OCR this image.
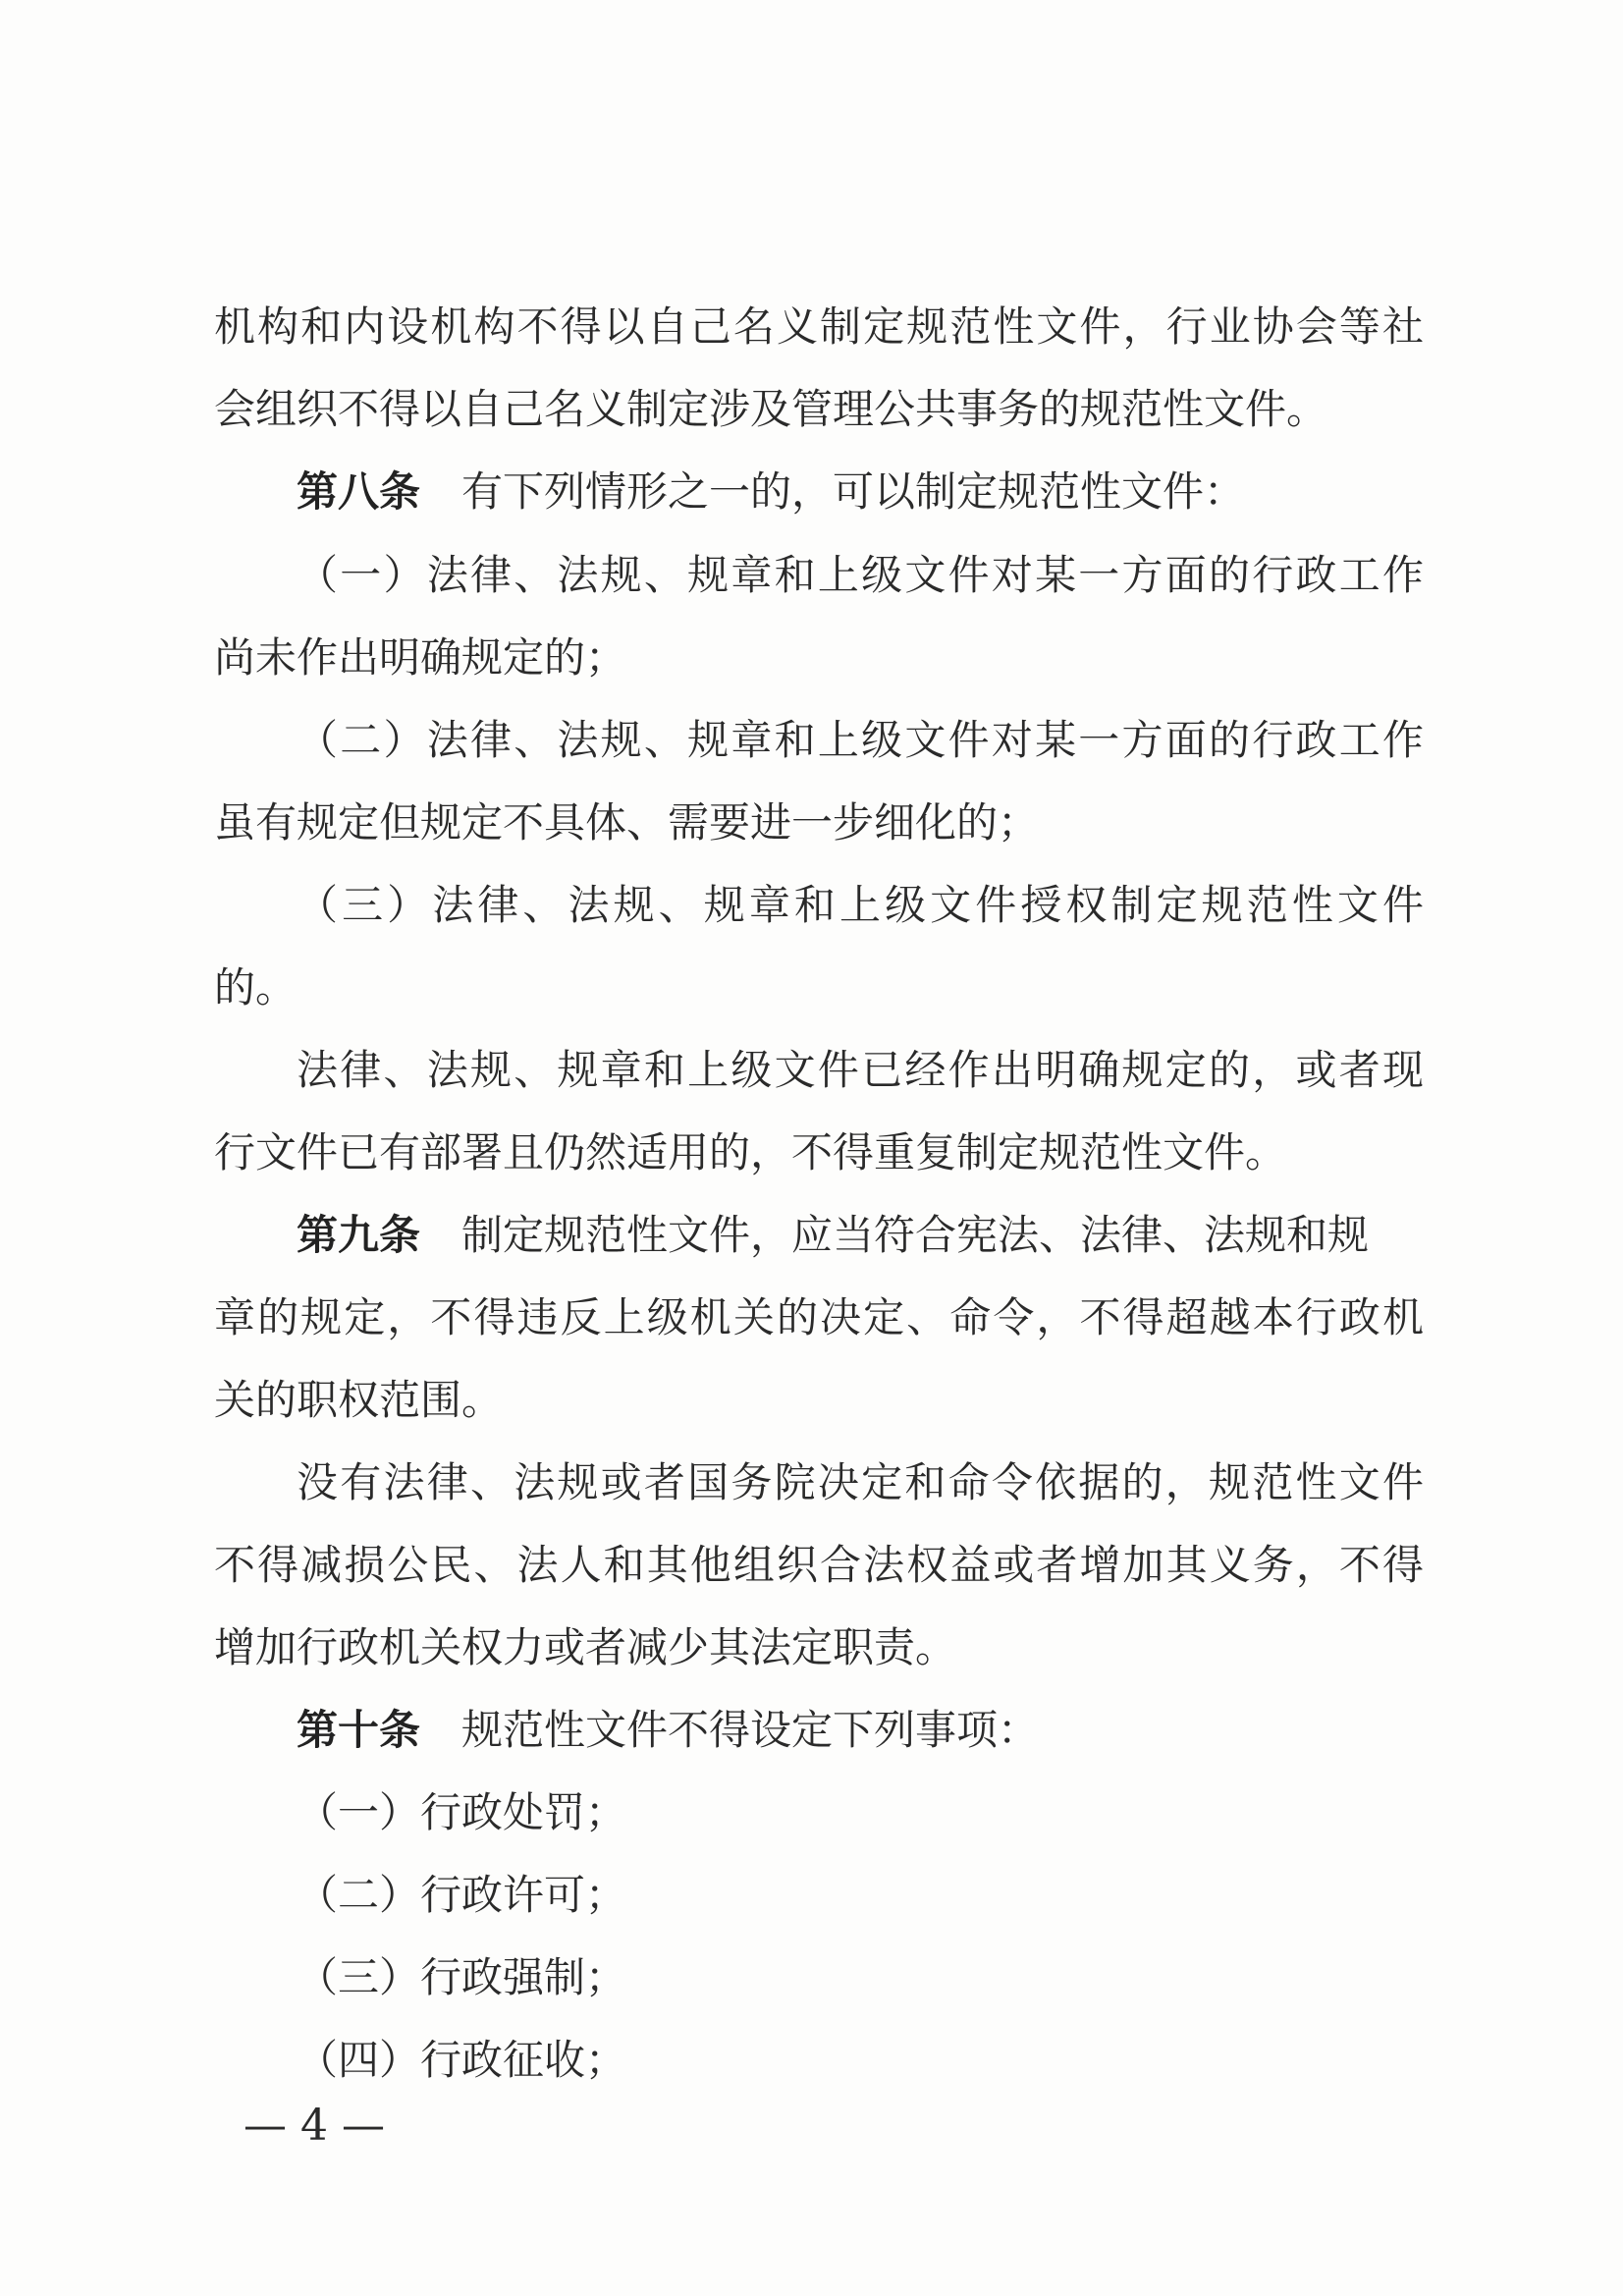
机构和内设机构不得以自己名义制定规范性文件，行业协会等社
会组织不得以自己名义制定涉及管理公共事务的规范性文件。
第八条 有下列情形之一的，可以制定规范性文件：
（一）法律、法规、规章和上级文件对某一方面的行政工作
尚未作出明确规定的；
（二）法律、法规、规章和上级文件对某一方面的行政工作
虽有规定但规定不具体、需要进一步细化的；
（三）法律、法规、规章和上级文件授权制定规范性文件
的。
法律、法规、规章和上级文件已经作出明确规定的，或者现
行文件已有部署且仍然适用的，不得重复制定规范性文件。
第九条 制定规范性文件，应当符合宪法、法律、法规和规
章的规定，不得违反上级机关的决定、命令，不得超越本行政机
关的职权范围。
没有法律、法规或者国务院决定和命令依据的，规范性文件
不得减损公民、法人和其他组织合法权益或者增加其义务，不得
增加行政机关权力或者减少其法定职责。
第十条 规范性文件不得设定下列事项：
（一）行政处罚；
（二）行政许可；
（三）行政强制；
（四）行政征收；
— 4 —
